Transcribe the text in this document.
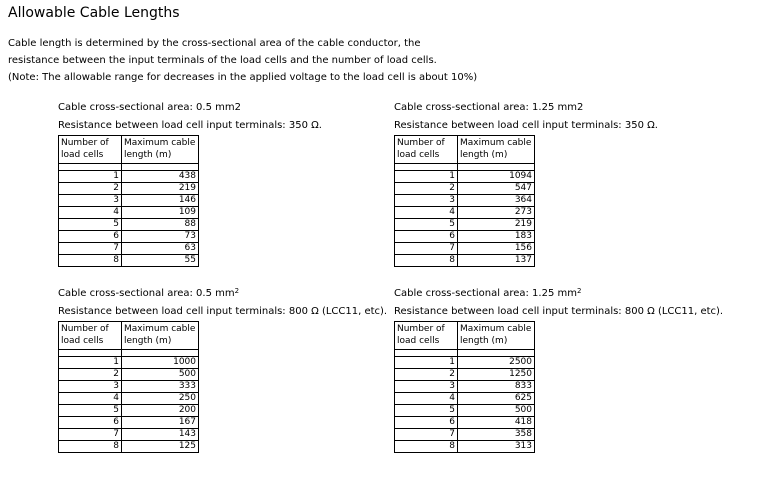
Allowable Cable Lengths
Cable length is determined by the cross-sectional area of the cable conductor, the
resistance between the input terminals of the load cells and the number of load cells.
(Note: The allowable range for decreases in the applied voltage to the load cell is about 10%)
Cable cross-sectional area: 0.5 mm2
Resistance between load cell input terminals: 350 Ω.
Number of
load cells	Maximum cable
length (m)

1	438
2	219
3	146
4	109
5	88
6	73
7	63
8	55
Cable cross-sectional area: 1.25 mm2
Resistance between load cell input terminals: 350 Ω.
Number of
load cells	Maximum cable
length (m)

1	1094
2	547
3	364
4	273
5	219
6	183
7	156
8	137
Cable cross-sectional area: 0.5 $mm^2$
Resistance between load cell input terminals: 800 Ω (LCC11, etc).
Number of
load cells	Maximum cable
length (m)

1	1000
2	500
3	333
4	250
5	200
6	167
7	143
8	125
Cable cross-sectional area: 1.25 $mm^2$
Resistance between load cell input terminals: 800 Ω (LCC11, etc).
Number of
load cells	Maximum cable
length (m)

1	2500
2	1250
3	833
4	625
5	500
6	418
7	358
8	313
